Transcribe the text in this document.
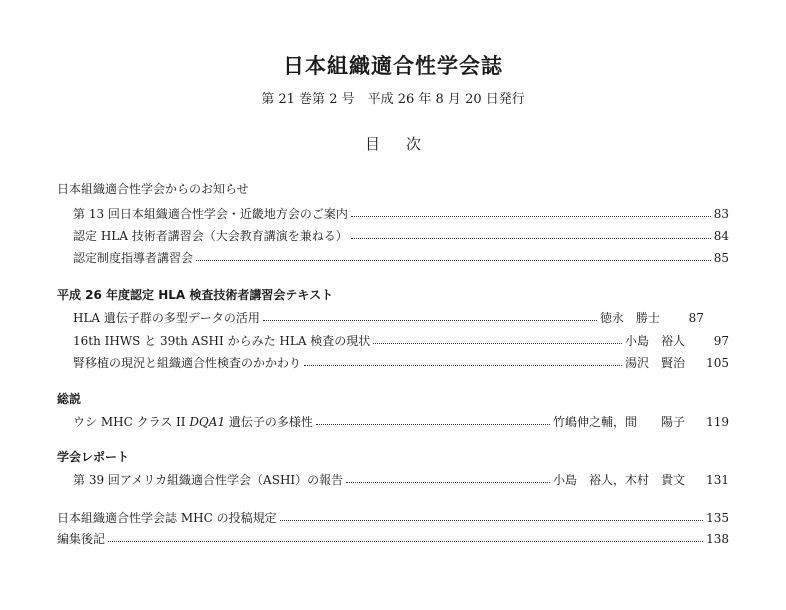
日本組織適合性学会誌
第 21 巻第 2 号　平成 26 年 8 月 20 日発行
目次
日本組織適合性学会からのお知らせ
第 13 回日本組織適合性学会・近畿地方会のご案内	83
認定 HLA 技術者講習会（大会教育講演を兼ねる）	84
認定制度指導者講習会	85
平成 26 年度認定 HLA 検査技術者講習会テキスト
HLA 遺伝子群の多型データの活用	徳永　勝士	87
16th IHWS と 39th ASHI からみた HLA 検査の現状	小島　裕人	97
腎移植の現況と組織適合性検査のかかわり	湯沢　賢治	105
総説
ウシ MHC クラス II DQA1 遺伝子の多様性	竹嶋伸之輔，間　　陽子	119
学会レポート
第 39 回アメリカ組織適合性学会（ASHI）の報告	小島　裕人，木村　貴文	131
日本組織適合性学会誌 MHC の投稿規定	135
編集後記	138
